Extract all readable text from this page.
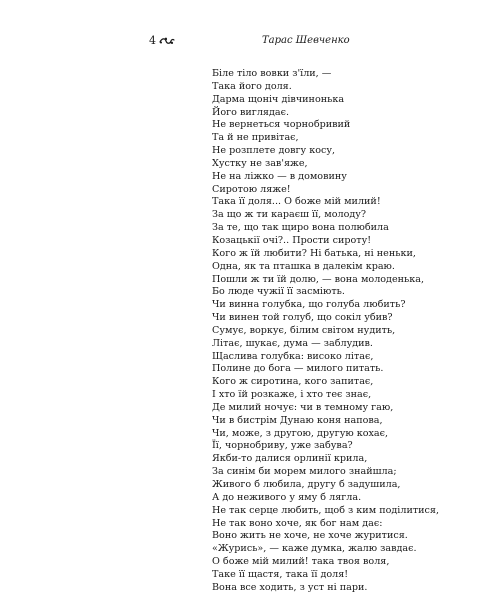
4	Тарас Шевченко
Біле тіло вовки з'їли, —
Така його доля.
Дарма щоніч дівчинонька
Його виглядає.
Не вернеться чорнобривий
Та й не привітає,
Не розплете довгу косу,
Хустку не зав'яже,
Не на ліжко — в домовину
Сиротою ляже!
Така її доля... О боже мій милий!
За що ж ти караєш її, молоду?
За те, що так щиро вона полюбила
Козацькії очі?.. Прости сироту!
Кого ж їй любити? Ні батька, ні неньки,
Одна, як та пташка в далекім краю.
Пошли ж ти їй долю, — вона молоденька,
Бо люде чужії її засміють.
Чи винна голубка, що голуба любить?
Чи винен той голуб, що сокіл убив?
Сумує, воркує, білим світом нудить,
Літає, шукає, дума — заблудив.
Щаслива голубка: високо літає,
Полине до бога — милого питать.
Кого ж сиротина, кого запитає,
І хто їй розкаже, і хто теє знає,
Де милий ночує: чи в темному гаю,
Чи в бистрім Дунаю коня напова,
Чи, може, з другою, другую кохає,
Її, чорнобриву, уже забува?
Якби-то далися орлинії крила,
За синім би морем милого знайшла;
Живого б любила, другу б задушила,
А до неживого у яму б лягла.
Не так серце любить, щоб з ким поділитися,
Не так воно хоче, як бог нам дає:
Воно жить не хоче, не хоче журитися.
«Журись», — каже думка, жалю завдає.
О боже мій милий! така твоя воля,
Таке її щастя, така її доля!
Вона все ходить, з уст ні пари.
